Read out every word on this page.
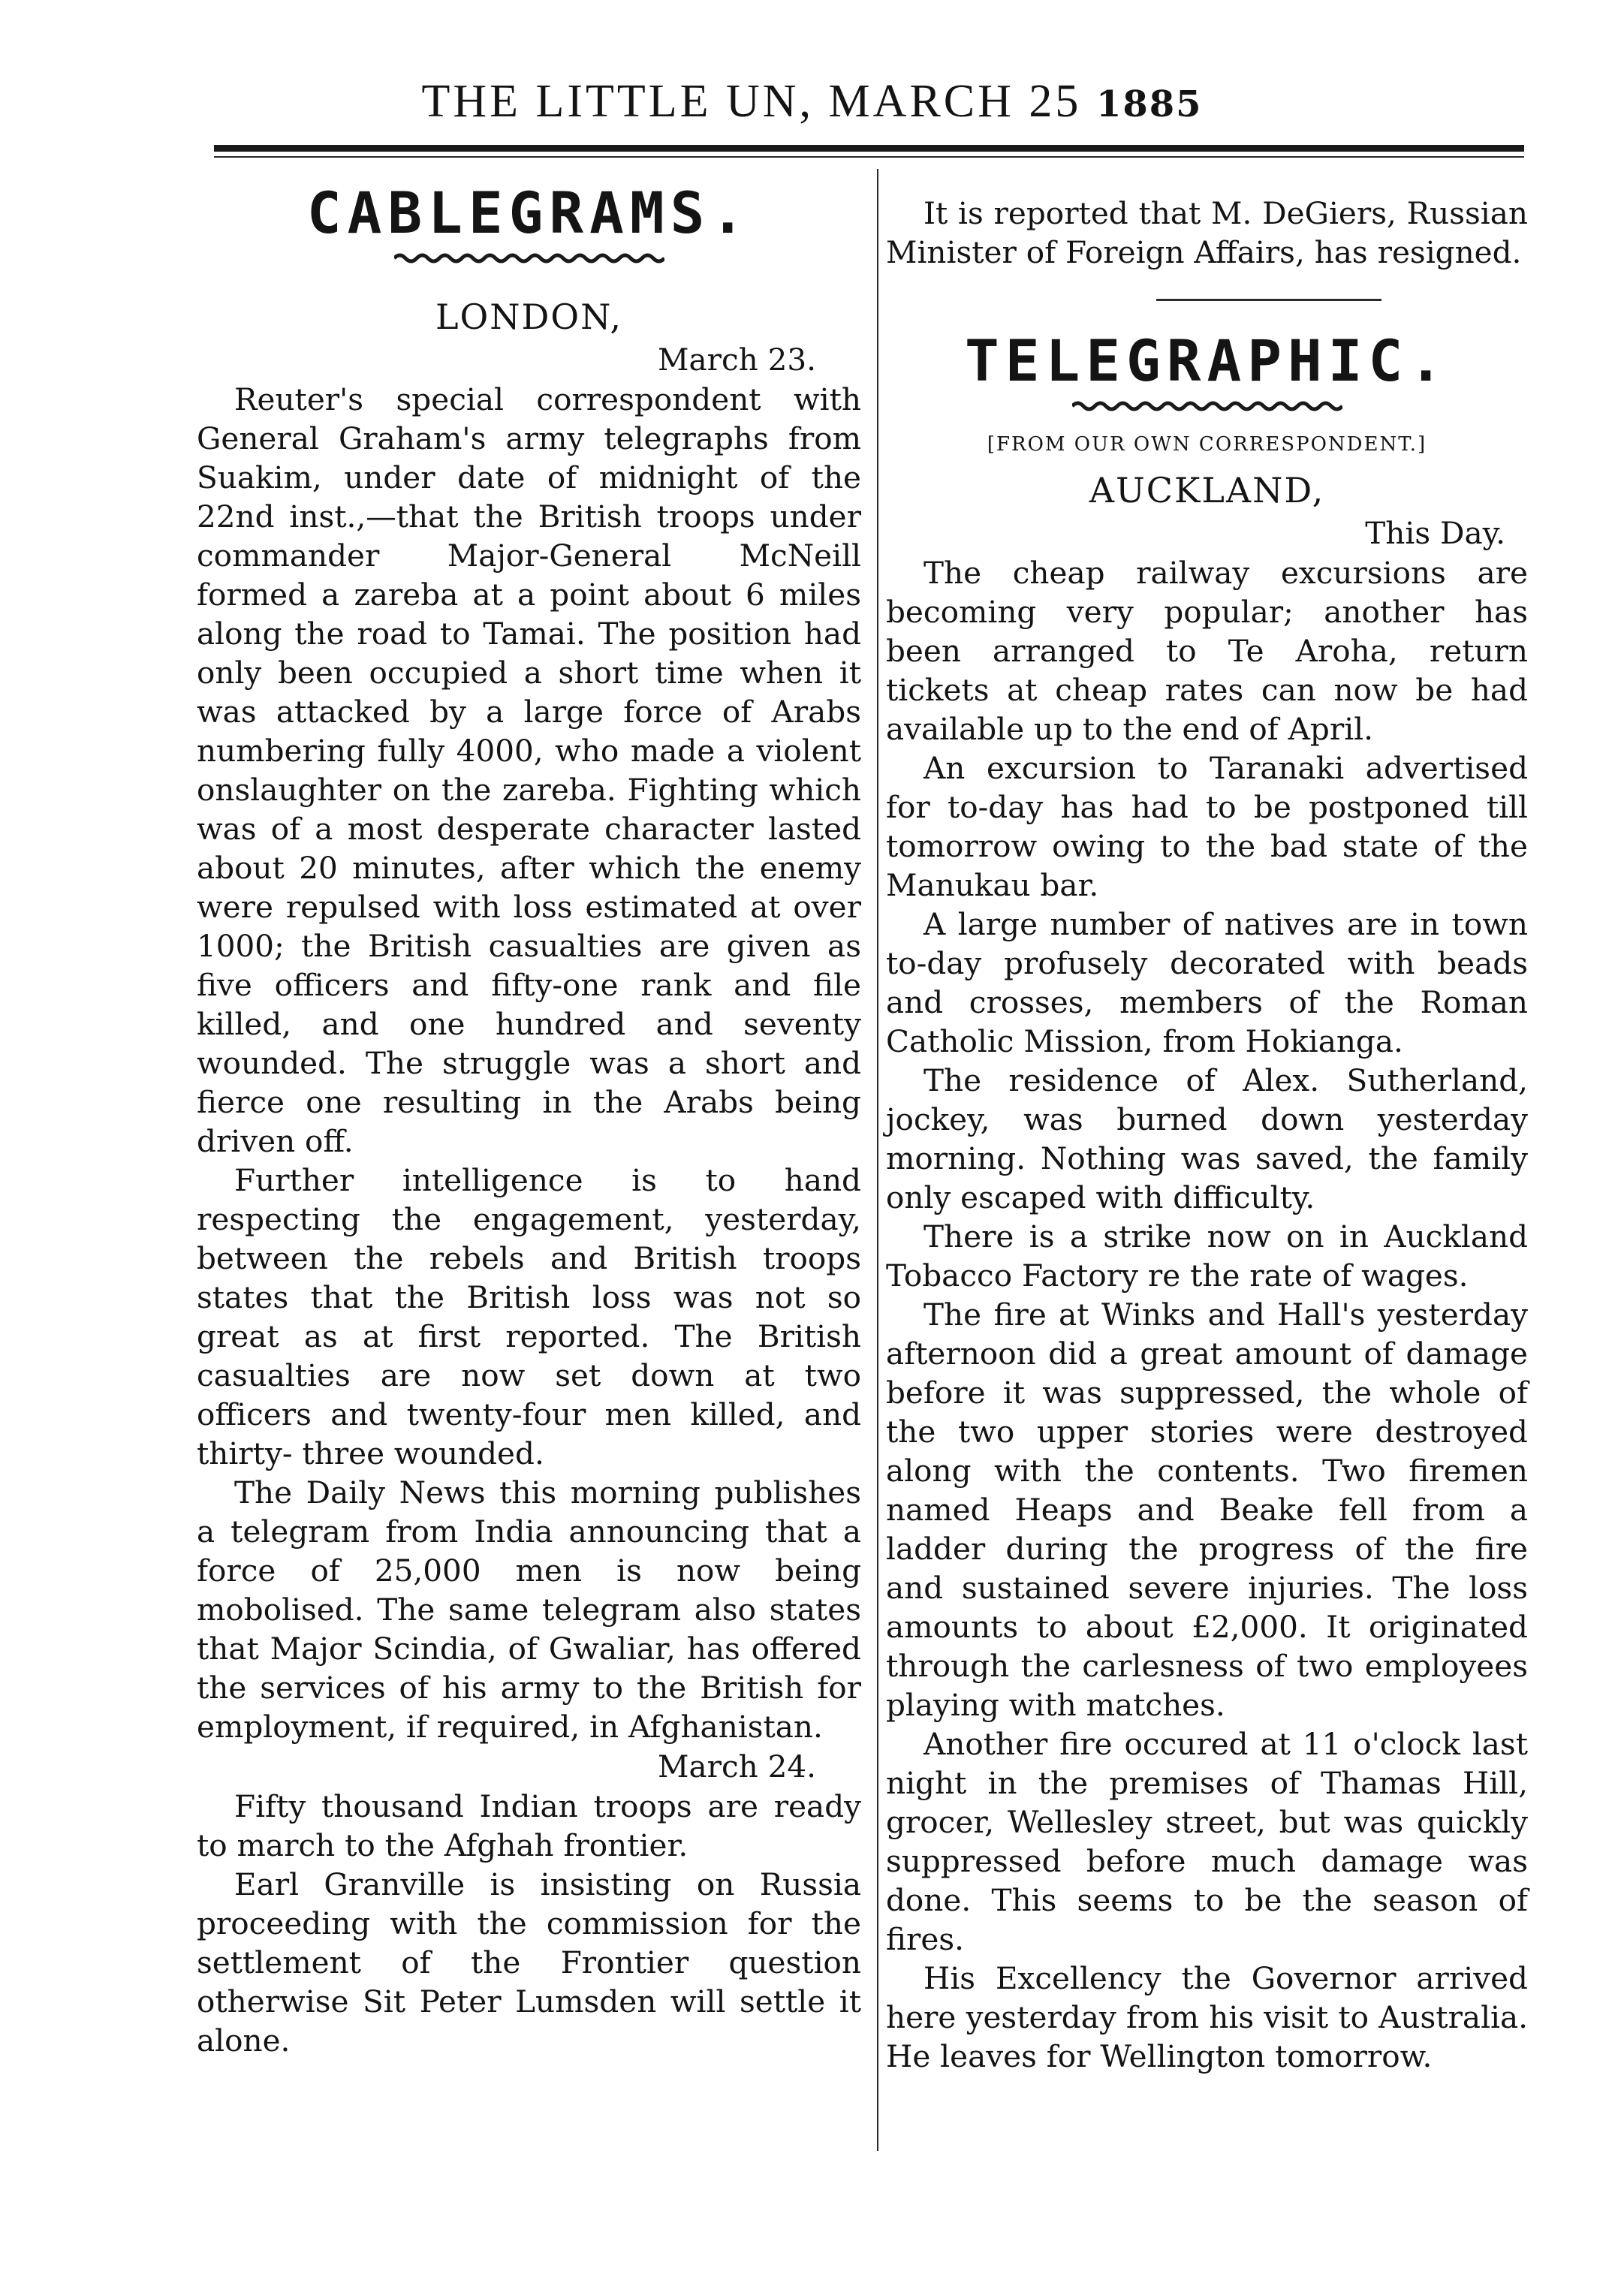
THE LITTLE UN, MARCH 25 1885
CABLEGRAMS.
LONDON,
March 23.

Reuter's special correspondent with General Graham's army telegraphs from Suakim, under date of midnight of the 22nd inst.,—that the British troops under commander Major-General McNeill formed a zareba at a point about 6 miles along the road to Tamai. The position had only been occupied a short time when it was attacked by a large force of Arabs numbering fully 4000, who made a violent onslaughter on the zareba. Fighting which was of a most desperate character lasted about 20 minutes, after which the enemy were repulsed with loss estimated at over 1000; the British casualties are given as five officers and fifty-one rank and file killed, and one hundred and seventy wounded. The struggle was a short and fierce one resulting in the Arabs being driven off.

Further intelligence is to hand respecting the engagement, yesterday, between the rebels and British troops states that the British loss was not so great as at first reported. The British casualties are now set down at two officers and twenty-four men killed, and thirty- three wounded.

The Daily News this morning publishes a telegram from India announcing that a force of 25,000 men is now being mobolised. The same telegram also states that Major Scindia, of Gwaliar, has offered the services of his army to the British for employment, if required, in Afghanistan.

March 24.

Fifty thousand Indian troops are ready to march to the Afghah frontier.

Earl Granville is insisting on Russia proceeding with the commission for the settlement of the Frontier question otherwise Sit Peter Lumsden will settle it alone.

It is reported that M. DeGiers, Russian Minister of Foreign Affairs, has resigned.

TELEGRAPHIC.
[FROM OUR OWN CORRESPONDENT.]
AUCKLAND,
This Day.

The cheap railway excursions are becoming very popular; another has been arranged to Te Aroha, return tickets at cheap rates can now be had available up to the end of April.

An excursion to Taranaki advertised for to-day has had to be postponed till tomorrow owing to the bad state of the Manukau bar.

A large number of natives are in town to-day profusely decorated with beads and crosses, members of the Roman Catholic Mission, from Hokianga.

The residence of Alex. Sutherland, jockey, was burned down yesterday morning. Nothing was saved, the family only escaped with difficulty.

There is a strike now on in Auckland Tobacco Factory re the rate of wages.

The fire at Winks and Hall's yesterday afternoon did a great amount of damage before it was suppressed, the whole of the two upper stories were destroyed along with the contents. Two firemen named Heaps and Beake fell from a ladder during the progress of the fire and sustained severe injuries. The loss amounts to about £2,000. It originated through the carlesness of two employees playing with matches.

Another fire occured at 11 o'clock last night in the premises of Thamas Hill, grocer, Wellesley street, but was quickly suppressed before much damage was done. This seems to be the season of fires.

His Excellency the Governor arrived here yesterday from his visit to Australia. He leaves for Wellington tomorrow.
